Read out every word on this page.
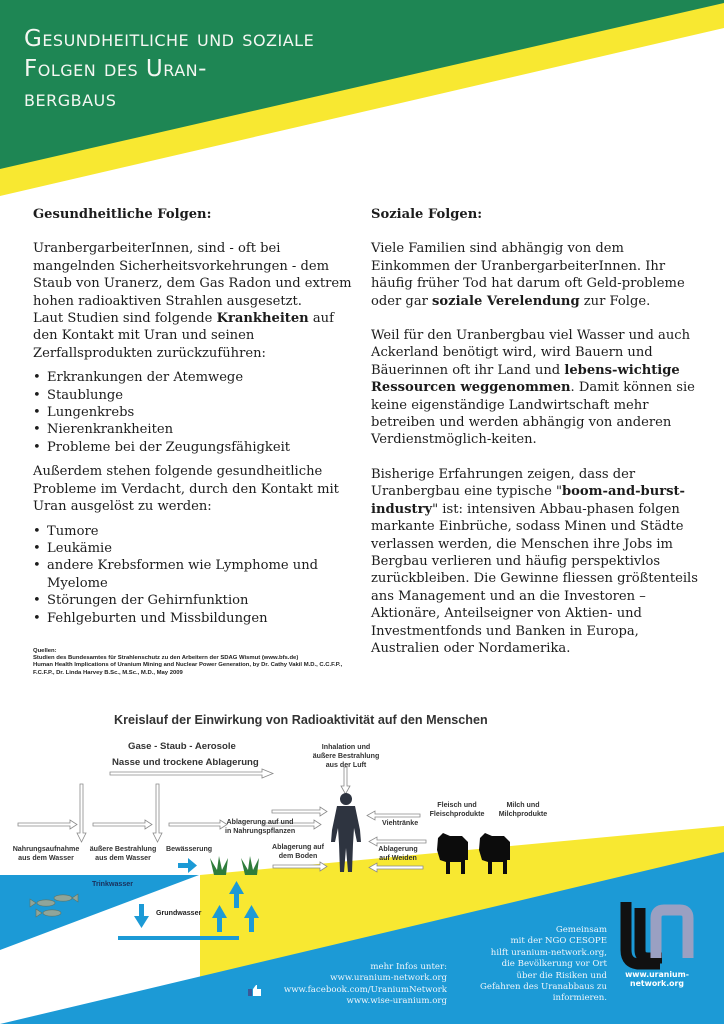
Gesundheitliche und soziale
Folgen des Uran-
bergbaus
Gesundheitliche Folgen:

UranbergarbeiterInnen, sind - oft bei mangelnden Sicherheitsvorkehrungen - dem Staub von Uranerz, dem Gas Radon und extrem hohen radioaktiven Strahlen ausgesetzt.

Laut Studien sind folgende Krankheiten auf den Kontakt mit Uran und seinen Zerfallsprodukten zurückzuführen:

• Erkrankungen der Atemwege
• Staublunge
• Lungenkrebs
• Nierenkrankheiten
• Probleme bei der Zeugungsfähigkeit

Außerdem stehen folgende gesundheitliche Probleme im Verdacht, durch den Kontakt mit Uran ausgelöst zu werden:

• Tumore
• Leukämie
• andere Krebsformen wie Lymphome und Myelome
• Störungen der Gehirnfunktion
• Fehlgeburten und Missbildungen
Quellen:
Studien des Bundesamtes für Strahlenschutz zu den Arbeitern der SDAG Wismut (www.bfs.de)
Human Health Implications of Uranium Mining and Nuclear Power Generation, by Dr. Cathy Vakil M.D., C.C.F.P., F.C.F.P., Dr. Linda Harvey B.Sc., M.Sc., M.D., May 2009
Soziale Folgen:

Viele Familien sind abhängig von dem Einkommen der UranbergarbeiterInnen. Ihr häufig früher Tod hat darum oft Geld-probleme oder gar soziale Verelendung zur Folge.

Weil für den Uranbergbau viel Wasser und auch Ackerland benötigt wird, wird Bauern und Bäuerinnen oft ihr Land und lebens-wichtige Ressourcen weggenommen. Damit können sie keine eigenständige Landwirtschaft mehr betreiben und werden abhängig von anderen Verdienstmöglich-keiten.

Bisherige Erfahrungen zeigen, dass der Uranbergbau eine typische "boom-and-burst-industry" ist: intensiven Abbau-phasen folgen markante Einbrüche, sodass Minen und Städte verlassen werden, die Menschen ihre Jobs im Bergbau verlieren und häufig perspektivlos zurückbleiben. Die Gewinne fliessen größtenteils ans Management und an die Investoren – Aktionäre, Anteilseigner von Aktien- und Investmentfonds und Banken in Europa, Australien oder Nordamerika.

Kreislauf der Einwirkung von Radioaktivität auf den Menschen
Gase - Staub - Aerosole
Nasse und trockene Ablagerung
Inhalation und
äußere Bestrahlung
aus der Luft
Nahrungsaufnahme
aus dem Wasser
äußere Bestrahlung
aus dem Wasser
Bewässerung
Ablagerung auf und
in Nahrungspflanzen
Ablagerung auf
dem Boden
Viehtränke
Ablagerung
auf Weiden
Fleisch und
Fleischprodukte
Milch und
Milchprodukte
Trinkwasser
Grundwasser
mehr Infos unter:
www.uranium-network.org
www.facebook.com/UraniumNetwork
www.wise-uranium.org
Gemeinsam
mit der NGO CESOPE
hilft uranium-network.org,
die Bevölkerung vor Ort
über die Risiken und
Gefahren des Uranabbaus zu
informieren.
www.uranium-
network.org
